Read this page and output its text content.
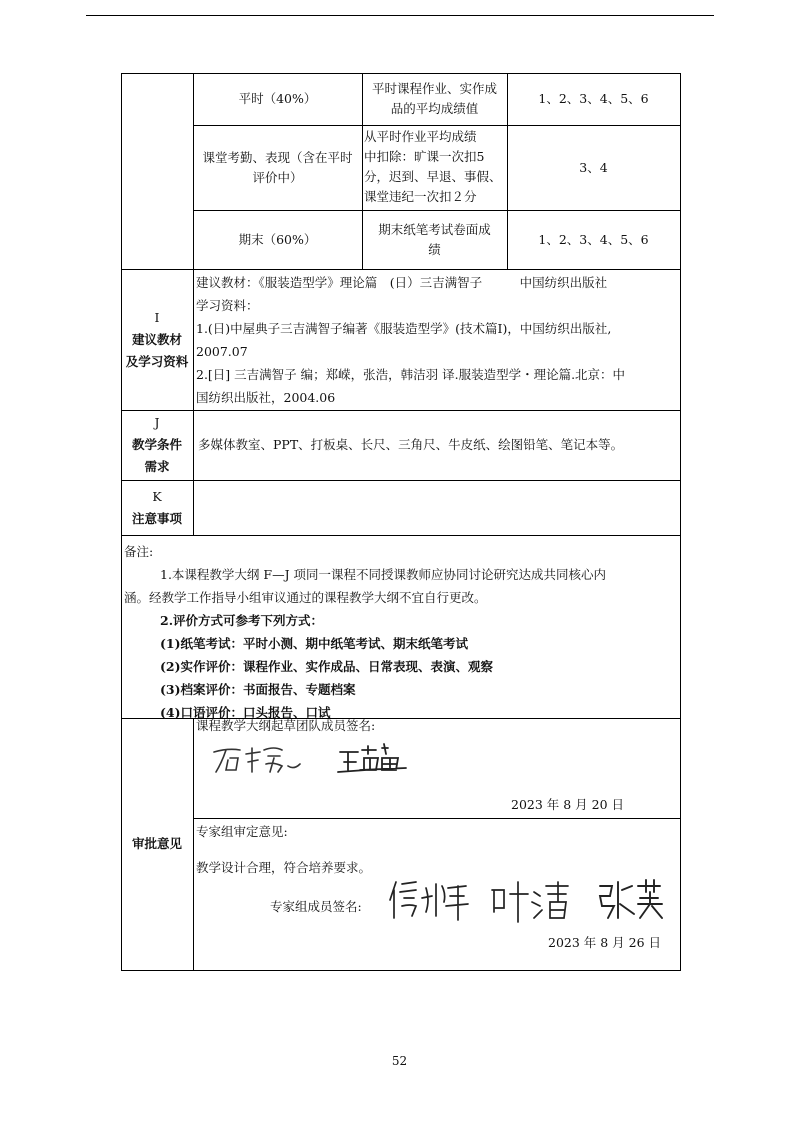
平时（40%）
平时课程作业、实作成
品的平均成绩值
1、2、3、4、5、6
课堂考勤、表现（含在平时
评价中）
从平时作业平均成绩
中扣除：旷课一次扣5
分，迟到、早退、事假、
课堂违纪一次扣２分
3、4
期末（60%）
期末纸笔考试卷面成
绩
1、2、3、4、5、6
I
建议教材
及学习资料
建议教材：《服装造型学》理论篇　(日）三吉满智子　　　中国纺织出版社
学习资料：
1.(日)中屋典子三吉满智子编著《服装造型学》(技术篇Ⅰ)，中国纺织出版社,
2007.07
2.[日] 三吉满智子 编；郑嵘，张浩，韩洁羽 译.服装造型学・理论篇.北京：中
国纺织出版社，2004.06
J
教学条件
需求
多媒体教室、PPT、打板桌、长尺、三角尺、牛皮纸、绘图铅笔、笔记本等。
K
注意事项
备注:
1.本课程教学大纲 F—J 项同一课程不同授课教师应协同讨论研究达成共同核心内
涵。经教学工作指导小组审议通过的课程教学大纲不宜自行更改。
2.评价方式可参考下列方式：
(1)纸笔考试：平时小测、期中纸笔考试、期末纸笔考试
(2)实作评价：课程作业、实作成品、日常表现、表演、观察
(3)档案评价：书面报告、专题档案
(4)口语评价：口头报告、口试
审批意见
课程教学大纲起草团队成员签名:
2023 年 8 月 20 日
专家组审定意见:
教学设计合理，符合培养要求。
专家组成员签名:
2023 年 8 月 26 日
52
